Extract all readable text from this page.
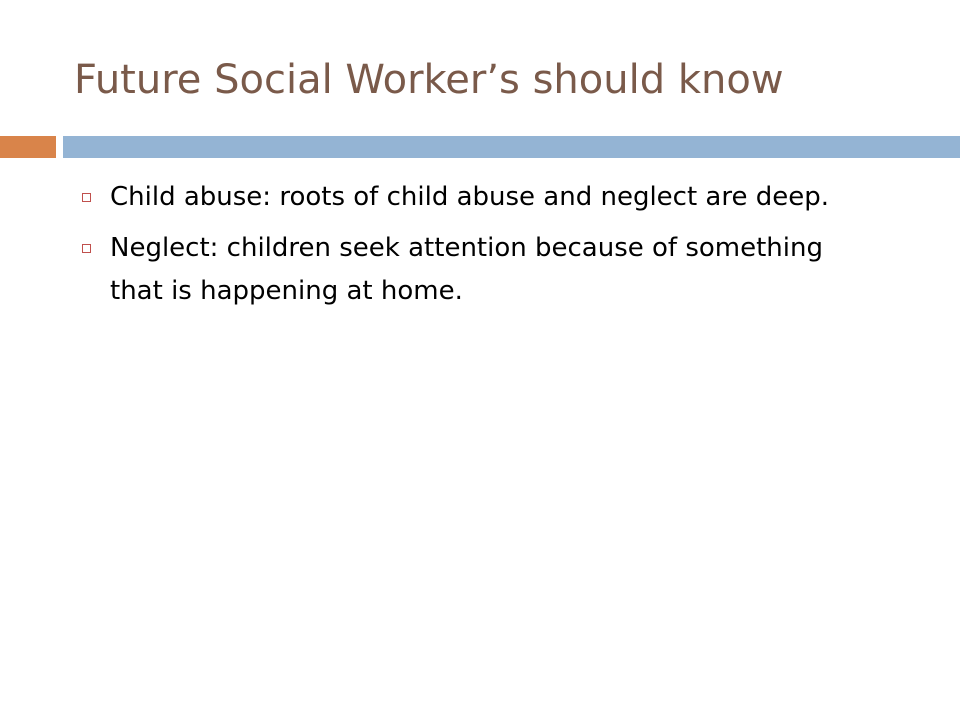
Future Social Worker’s should know
Child abuse: roots of child abuse and neglect are deep.
Neglect: children seek attention because of something that is happening at home.
